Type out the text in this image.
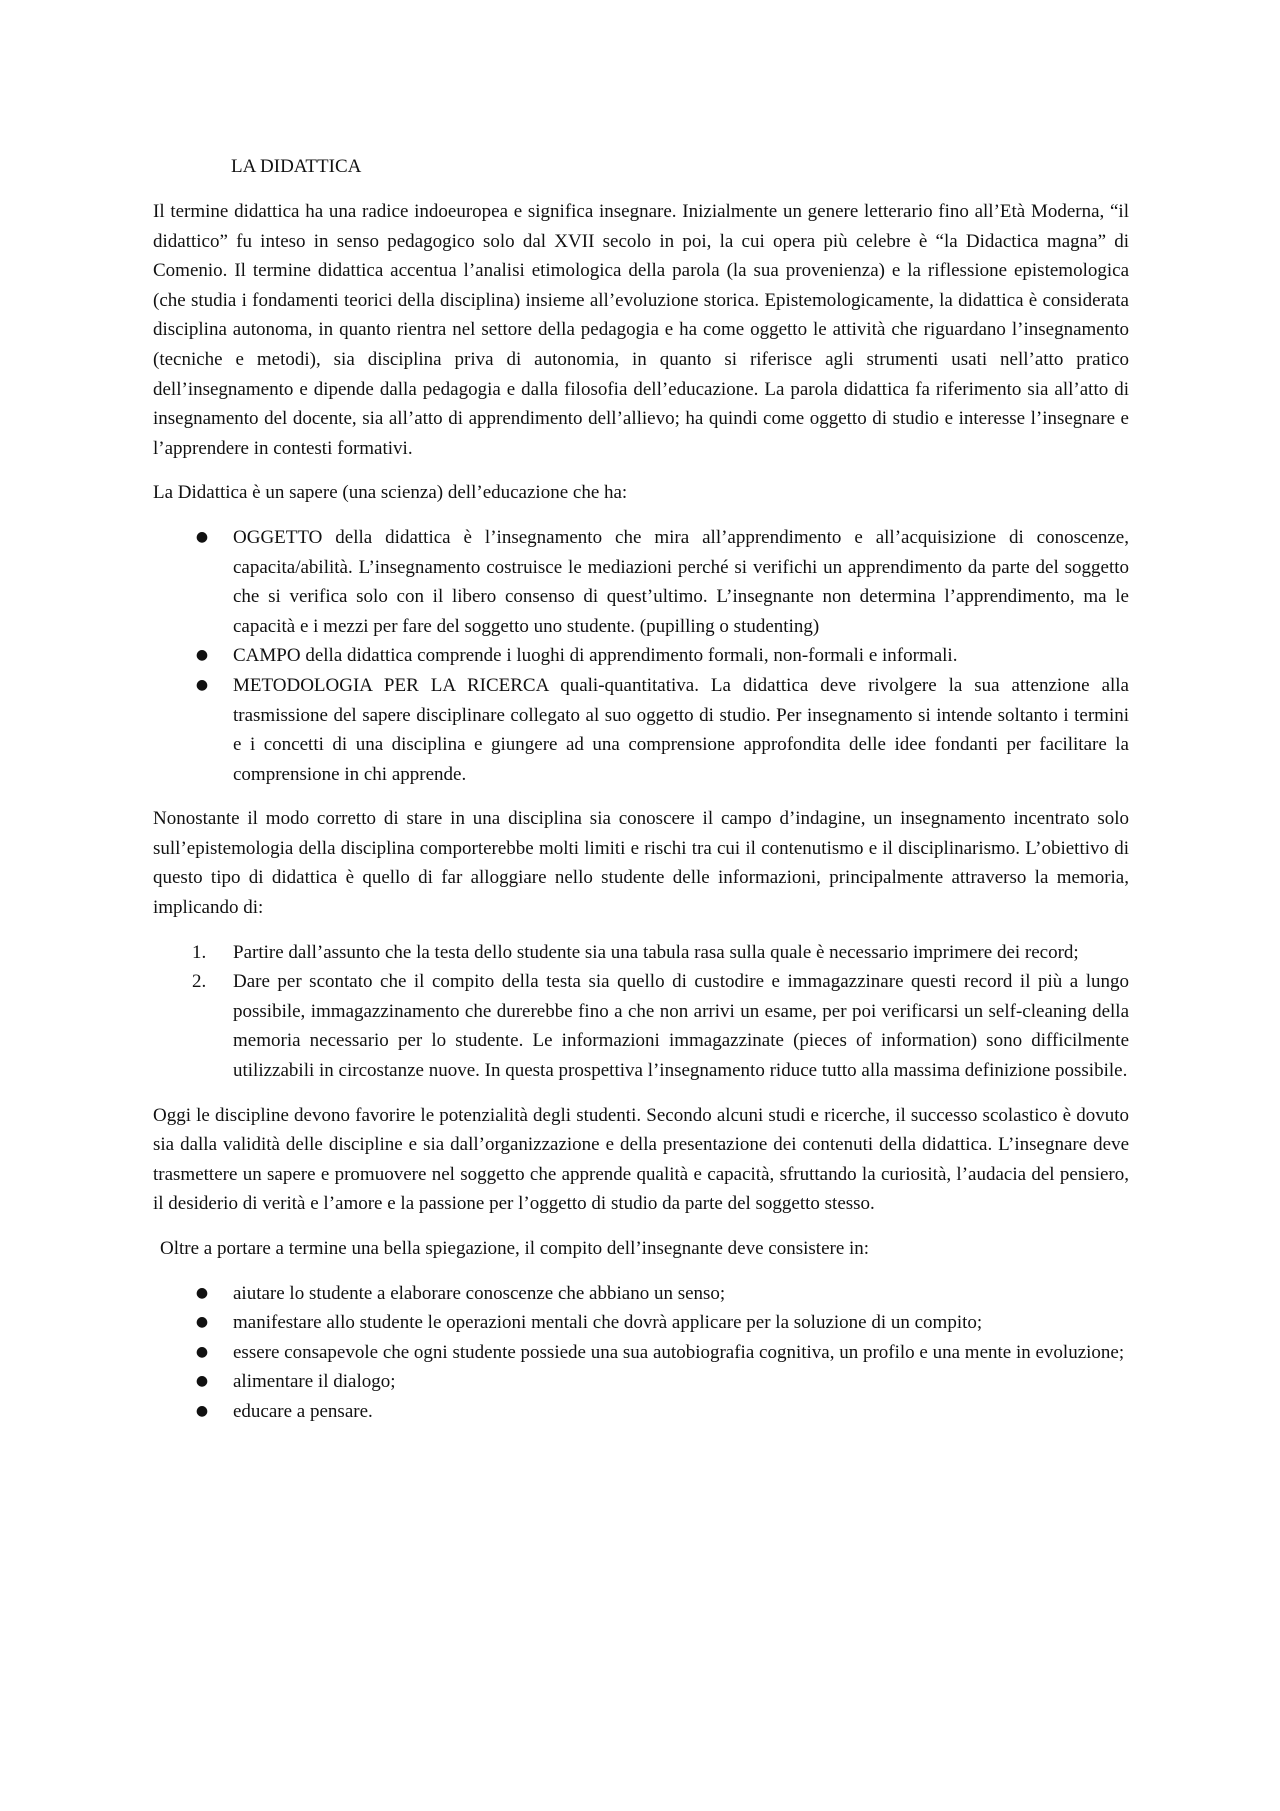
LA DIDATTICA

Il termine didattica ha una radice indoeuropea e significa insegnare. Inizialmente un genere letterario fino all’Età Moderna, “il didattico” fu inteso in senso pedagogico solo dal XVII secolo in poi, la cui opera più celebre è “la Didactica magna” di Comenio. Il termine didattica accentua l’analisi etimologica della parola (la sua provenienza) e la riflessione epistemologica (che studia i fondamenti teorici della disciplina) insieme all’evoluzione storica. Epistemologicamente, la didattica è considerata disciplina autonoma, in quanto rientra nel settore della pedagogia e ha come oggetto le attività che riguardano l’insegnamento (tecniche e metodi), sia disciplina priva di autonomia, in quanto si riferisce agli strumenti usati nell’atto pratico dell’insegnamento e dipende dalla pedagogia e dalla filosofia dell’educazione. La parola didattica fa riferimento sia all’atto di insegnamento del docente, sia all’atto di apprendimento dell’allievo; ha quindi come oggetto di studio e interesse l’insegnare e l’apprendere in contesti formativi.

La Didattica è un sapere (una scienza) dell’educazione che ha:

● OGGETTO della didattica è l’insegnamento che mira all’apprendimento e all’acquisizione di conoscenze, capacita/abilità. L’insegnamento costruisce le mediazioni perché si verifichi un apprendimento da parte del soggetto che si verifica solo con il libero consenso di quest’ultimo. L’insegnante non determina l’apprendimento, ma le capacità e i mezzi per fare del soggetto uno studente. (pupilling o studenting)
● CAMPO della didattica comprende i luoghi di apprendimento formali, non-formali e informali.
● METODOLOGIA PER LA RICERCA quali-quantitativa. La didattica deve rivolgere la sua attenzione alla trasmissione del sapere disciplinare collegato al suo oggetto di studio. Per insegnamento si intende soltanto i termini e i concetti di una disciplina e giungere ad una comprensione approfondita delle idee fondanti per facilitare la comprensione in chi apprende.

Nonostante il modo corretto di stare in una disciplina sia conoscere il campo d’indagine, un insegnamento incentrato solo sull’epistemologia della disciplina comporterebbe molti limiti e rischi tra cui il contenutismo e il disciplinarismo. L’obiettivo di questo tipo di didattica è quello di far alloggiare nello studente delle informazioni, principalmente attraverso la memoria, implicando di:

1.	Partire dall’assunto che la testa dello studente sia una tabula rasa sulla quale è necessario imprimere dei record;
2.	Dare per scontato che il compito della testa sia quello di custodire e immagazzinare questi record il più a lungo possibile, immagazzinamento che durerebbe fino a che non arrivi un esame, per poi verificarsi un self-cleaning della memoria necessario per lo studente. Le informazioni immagazzinate (pieces of information) sono difficilmente utilizzabili in circostanze nuove. In questa prospettiva l’insegnamento riduce tutto alla massima definizione possibile.

Oggi le discipline devono favorire le potenzialità degli studenti. Secondo alcuni studi e ricerche, il successo scolastico è dovuto sia dalla validità delle discipline e sia dall’organizzazione e della presentazione dei contenuti della didattica. L’insegnare deve trasmettere un sapere e promuovere nel soggetto che apprende qualità e capacità, sfruttando la curiosità, l’audacia del pensiero, il desiderio di verità e l’amore e la passione per l’oggetto di studio da parte del soggetto stesso.

Oltre a portare a termine una bella spiegazione, il compito dell’insegnante deve consistere in:

● aiutare lo studente a elaborare conoscenze che abbiano un senso;
● manifestare allo studente le operazioni mentali che dovrà applicare per la soluzione di un compito;
● essere consapevole che ogni studente possiede una sua autobiografia cognitiva, un profilo e una mente in evoluzione;
● alimentare il dialogo;
● educare a pensare.
